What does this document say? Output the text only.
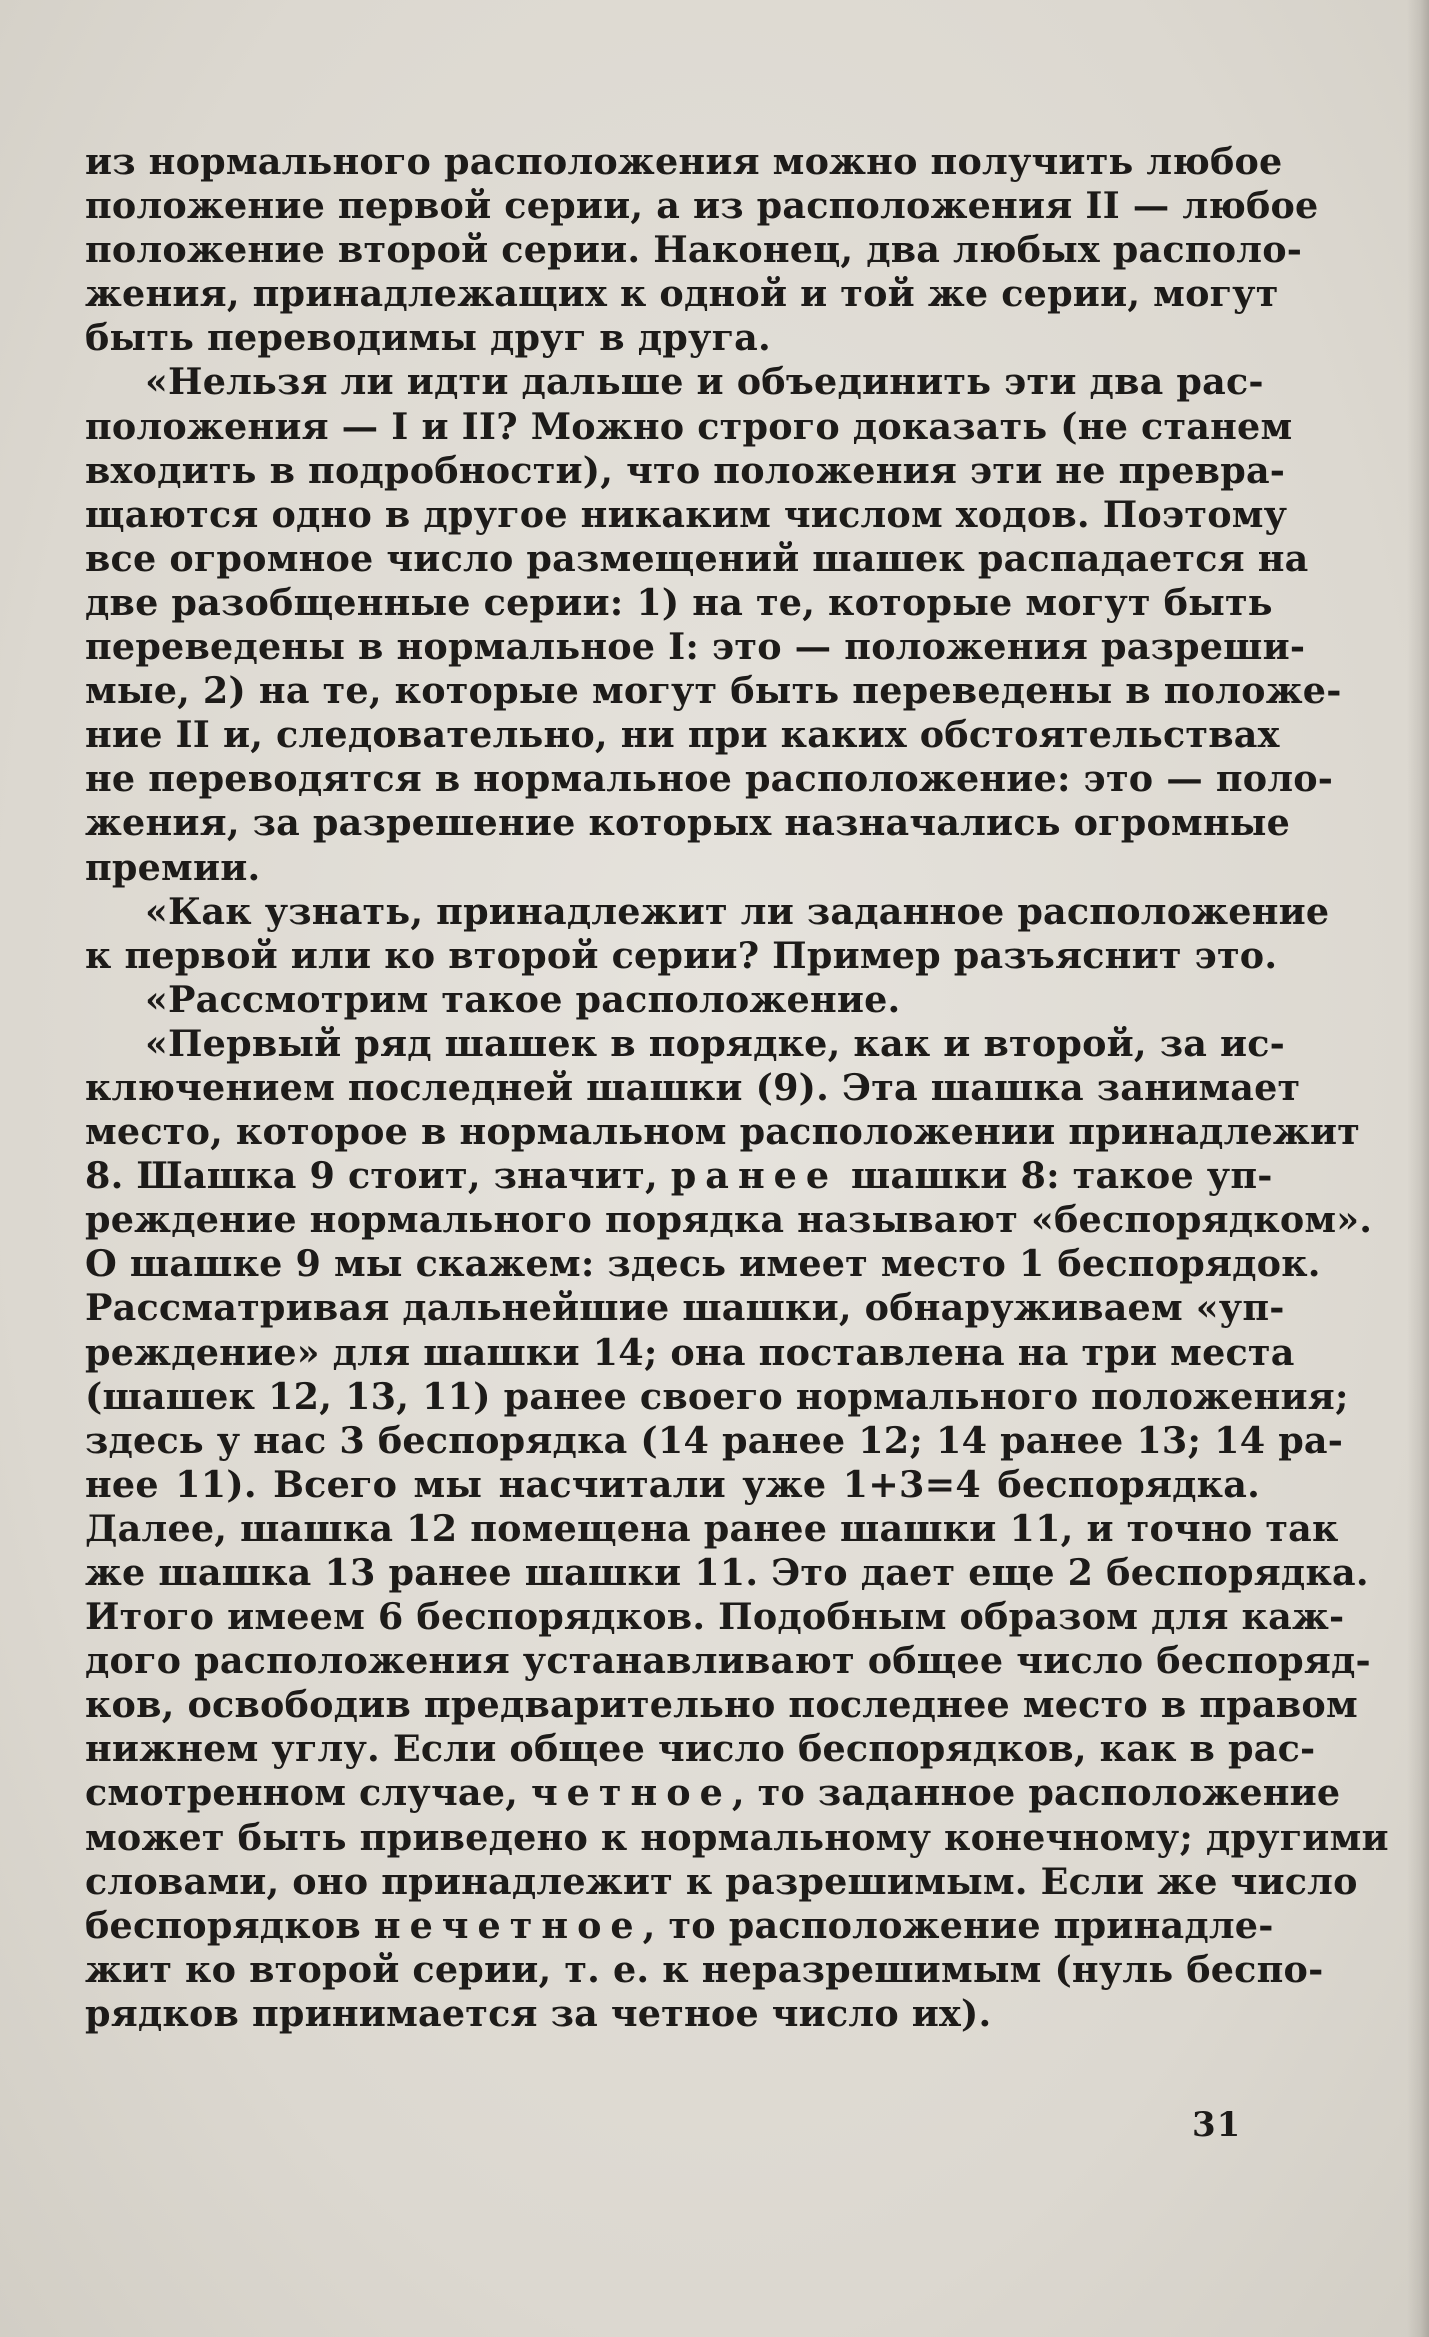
из нормального расположения можно получить любое
положение первой серии, а из расположения II — любое
положение второй серии. Наконец, два любых располо-
жения, принадлежащих к одной и той же серии, могут
быть переводимы друг в друга.
«Нельзя ли идти дальше и объединить эти два рас-
положения — I и II? Можно строго доказать (не станем
входить в подробности), что положения эти не превра-
щаются одно в другое никаким числом ходов. Поэтому
все огромное число размещений шашек распадается на
две разобщенные серии: 1) на те, которые могут быть
переведены в нормальное I: это — положения разреши-
мые, 2) на те, которые могут быть переведены в положе-
ние II и, следовательно, ни при каких обстоятельствах
не переводятся в нормальное расположение: это — поло-
жения, за разрешение которых назначались огромные
премии.
«Как узнать, принадлежит ли заданное расположение
к первой или ко второй серии? Пример разъяснит это.
«Рассмотрим такое расположение.
«Первый ряд шашек в порядке, как и второй, за ис-
ключением последней шашки (9). Эта шашка занимает
место, которое в нормальном расположении принадлежит
8. Шашка 9 стоит, значит, ранее шашки 8: такое уп-
реждение нормального порядка называют «беспорядком».
О шашке 9 мы скажем: здесь имеет место 1 беспорядок.
Рассматривая дальнейшие шашки, обнаруживаем «уп-
реждение» для шашки 14; она поставлена на три места
(шашек 12, 13, 11) ранее своего нормального положения;
здесь у нас 3 беспорядка (14 ранее 12; 14 ранее 13; 14 ра-
нее 11). Всего мы насчитали уже 1+3=4 беспорядка.
Далее, шашка 12 помещена ранее шашки 11, и точно так
же шашка 13 ранее шашки 11. Это дает еще 2 беспорядка.
Итого имеем 6 беспорядков. Подобным образом для каж-
дого расположения устанавливают общее число беспоряд-
ков, освободив предварительно последнее место в правом
нижнем углу. Если общее число беспорядков, как в рас-
смотренном случае, четное, то заданное расположение
может быть приведено к нормальному конечному; другими
словами, оно принадлежит к разрешимым. Если же число
беспорядков нечетное, то расположение принадле-
жит ко второй серии, т. е. к неразрешимым (нуль беспо-
рядков принимается за четное число их).
31
